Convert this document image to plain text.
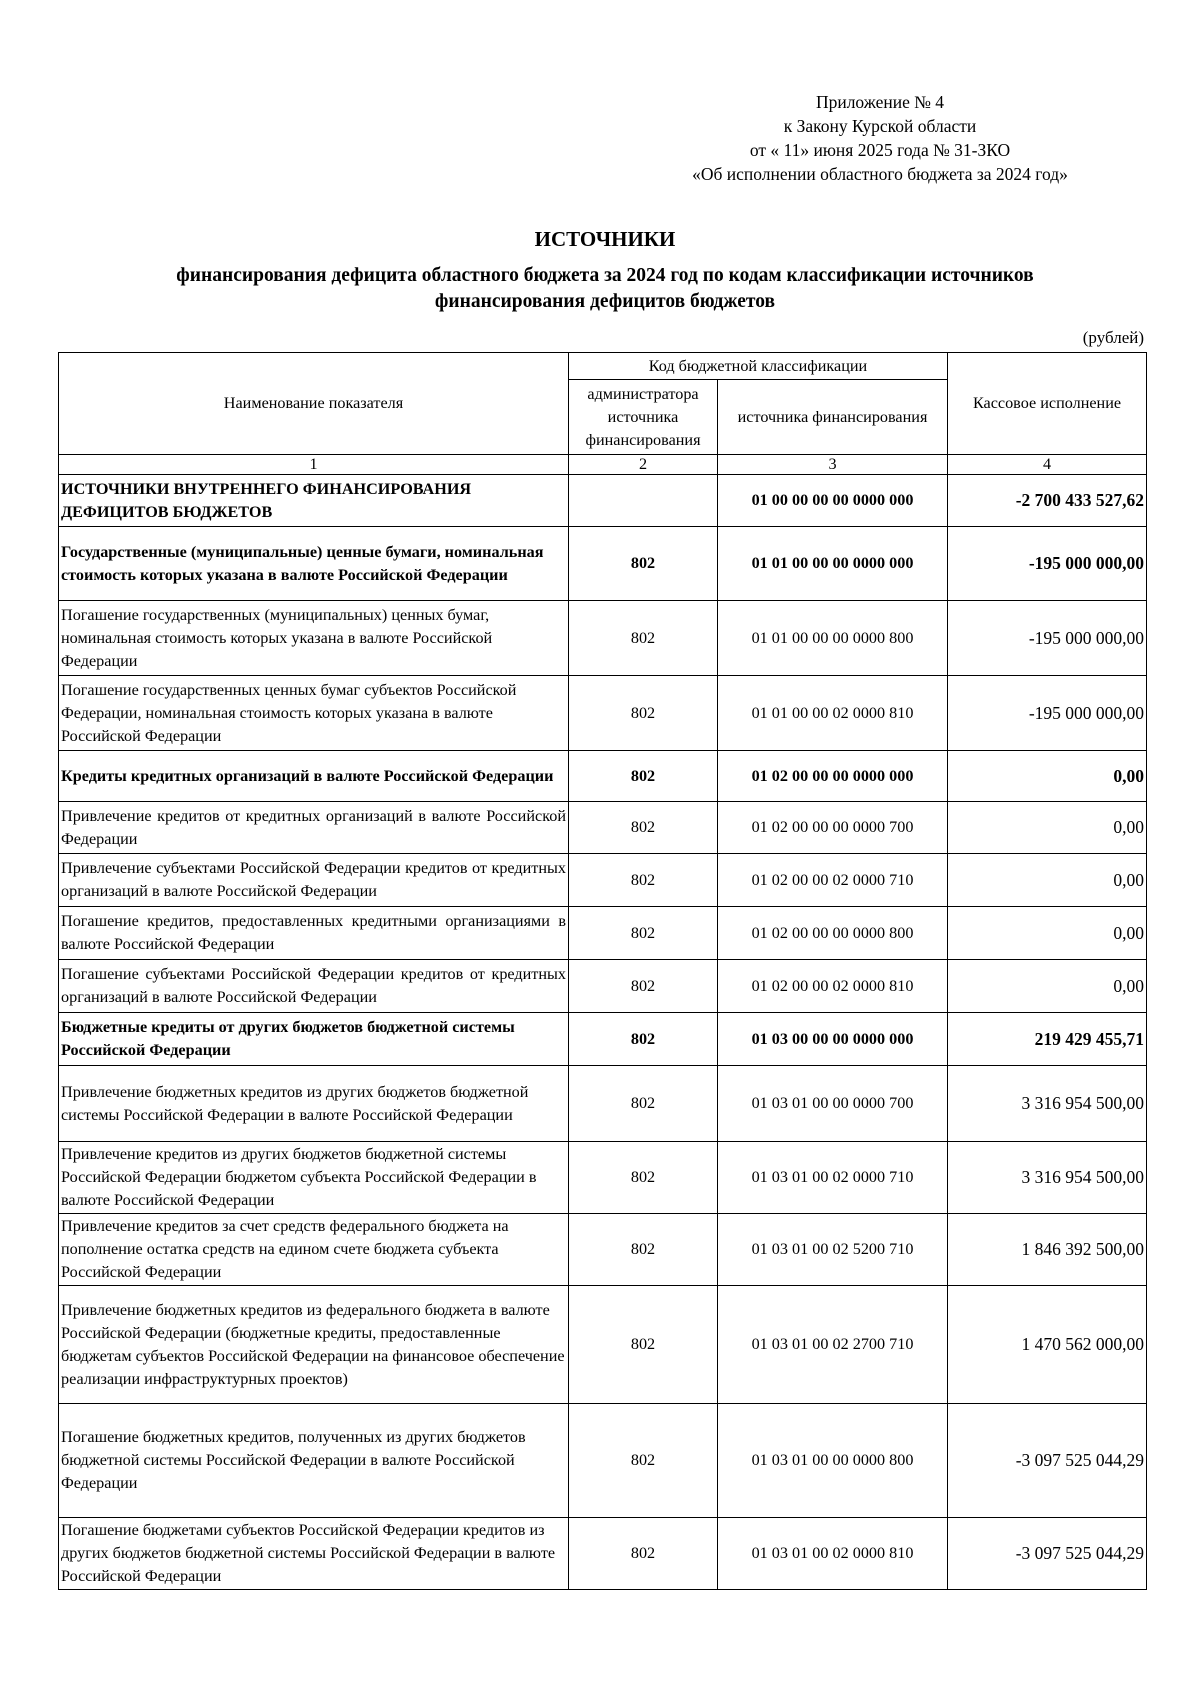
Приложение № 4
к Закону Курской области
от « 11» июня 2025 года № 31-ЗКО
«Об исполнении областного бюджета за 2024 год»
ИСТОЧНИКИ
финансирования дефицита областного бюджета за 2024 год по кодам классификации источников
финансирования дефицитов бюджетов
(рублей)
Наименование показателя	Код бюджетной классификации		Кассовое исполнение
	администратора источника финансирования	источника финансирования	
1	2	3	4
ИСТОЧНИКИ ВНУТРЕННЕГО ФИНАНСИРОВАНИЯ ДЕФИЦИТОВ БЮДЖЕТОВ		01 00 00 00 00 0000 000	-2 700 433 527,62
Государственные (муниципальные) ценные бумаги, номинальная стоимость которых указана в валюте Российской Федерации	802	01 01 00 00 00 0000 000	-195 000 000,00
Погашение государственных (муниципальных) ценных бумаг, номинальная стоимость которых указана в валюте Российской Федерации	802	01 01 00 00 00 0000 800	-195 000 000,00
Погашение государственных ценных бумаг субъектов Российской Федерации, номинальная стоимость которых указана в валюте Российской Федерации	802	01 01 00 00 02 0000 810	-195 000 000,00
Кредиты кредитных организаций в валюте Российской Федерации	802	01 02 00 00 00 0000 000	0,00
Привлечение кредитов от кредитных организаций в валюте Российской Федерации	802	01 02 00 00 00 0000 700	0,00
Привлечение субъектами Российской Федерации кредитов от кредитных организаций в валюте Российской Федерации	802	01 02 00 00 02 0000 710	0,00
Погашение кредитов, предоставленных кредитными организациями в валюте Российской Федерации	802	01 02 00 00 00 0000 800	0,00
Погашение субъектами Российской Федерации кредитов от кредитных организаций в валюте Российской Федерации	802	01 02 00 00 02 0000 810	0,00
Бюджетные кредиты от других бюджетов бюджетной системы Российской Федерации	802	01 03 00 00 00 0000 000	219 429 455,71
Привлечение бюджетных кредитов из других бюджетов бюджетной системы Российской Федерации в валюте Российской Федерации	802	01 03 01 00 00 0000 700	3 316 954 500,00
Привлечение кредитов из других бюджетов бюджетной системы Российской Федерации бюджетом субъекта Российской Федерации в валюте Российской Федерации	802	01 03 01 00 02 0000 710	3 316 954 500,00
Привлечение кредитов за счет средств федерального бюджета на пополнение остатка средств на едином счете бюджета субъекта Российской Федерации	802	01 03 01 00 02 5200 710	1 846 392 500,00
Привлечение бюджетных кредитов из федерального бюджета в валюте Российской Федерации (бюджетные кредиты, предоставленные бюджетам субъектов Российской Федерации на финансовое обеспечение реализации инфраструктурных проектов)	802	01 03 01 00 02 2700 710	1 470 562 000,00
Погашение бюджетных кредитов, полученных из других бюджетов бюджетной системы Российской Федерации в валюте Российской Федерации	802	01 03 01 00 00 0000 800	-3 097 525 044,29
Погашение бюджетами субъектов Российской Федерации кредитов из других бюджетов бюджетной системы Российской Федерации в валюте Российской Федерации	802	01 03 01 00 02 0000 810	-3 097 525 044,29
